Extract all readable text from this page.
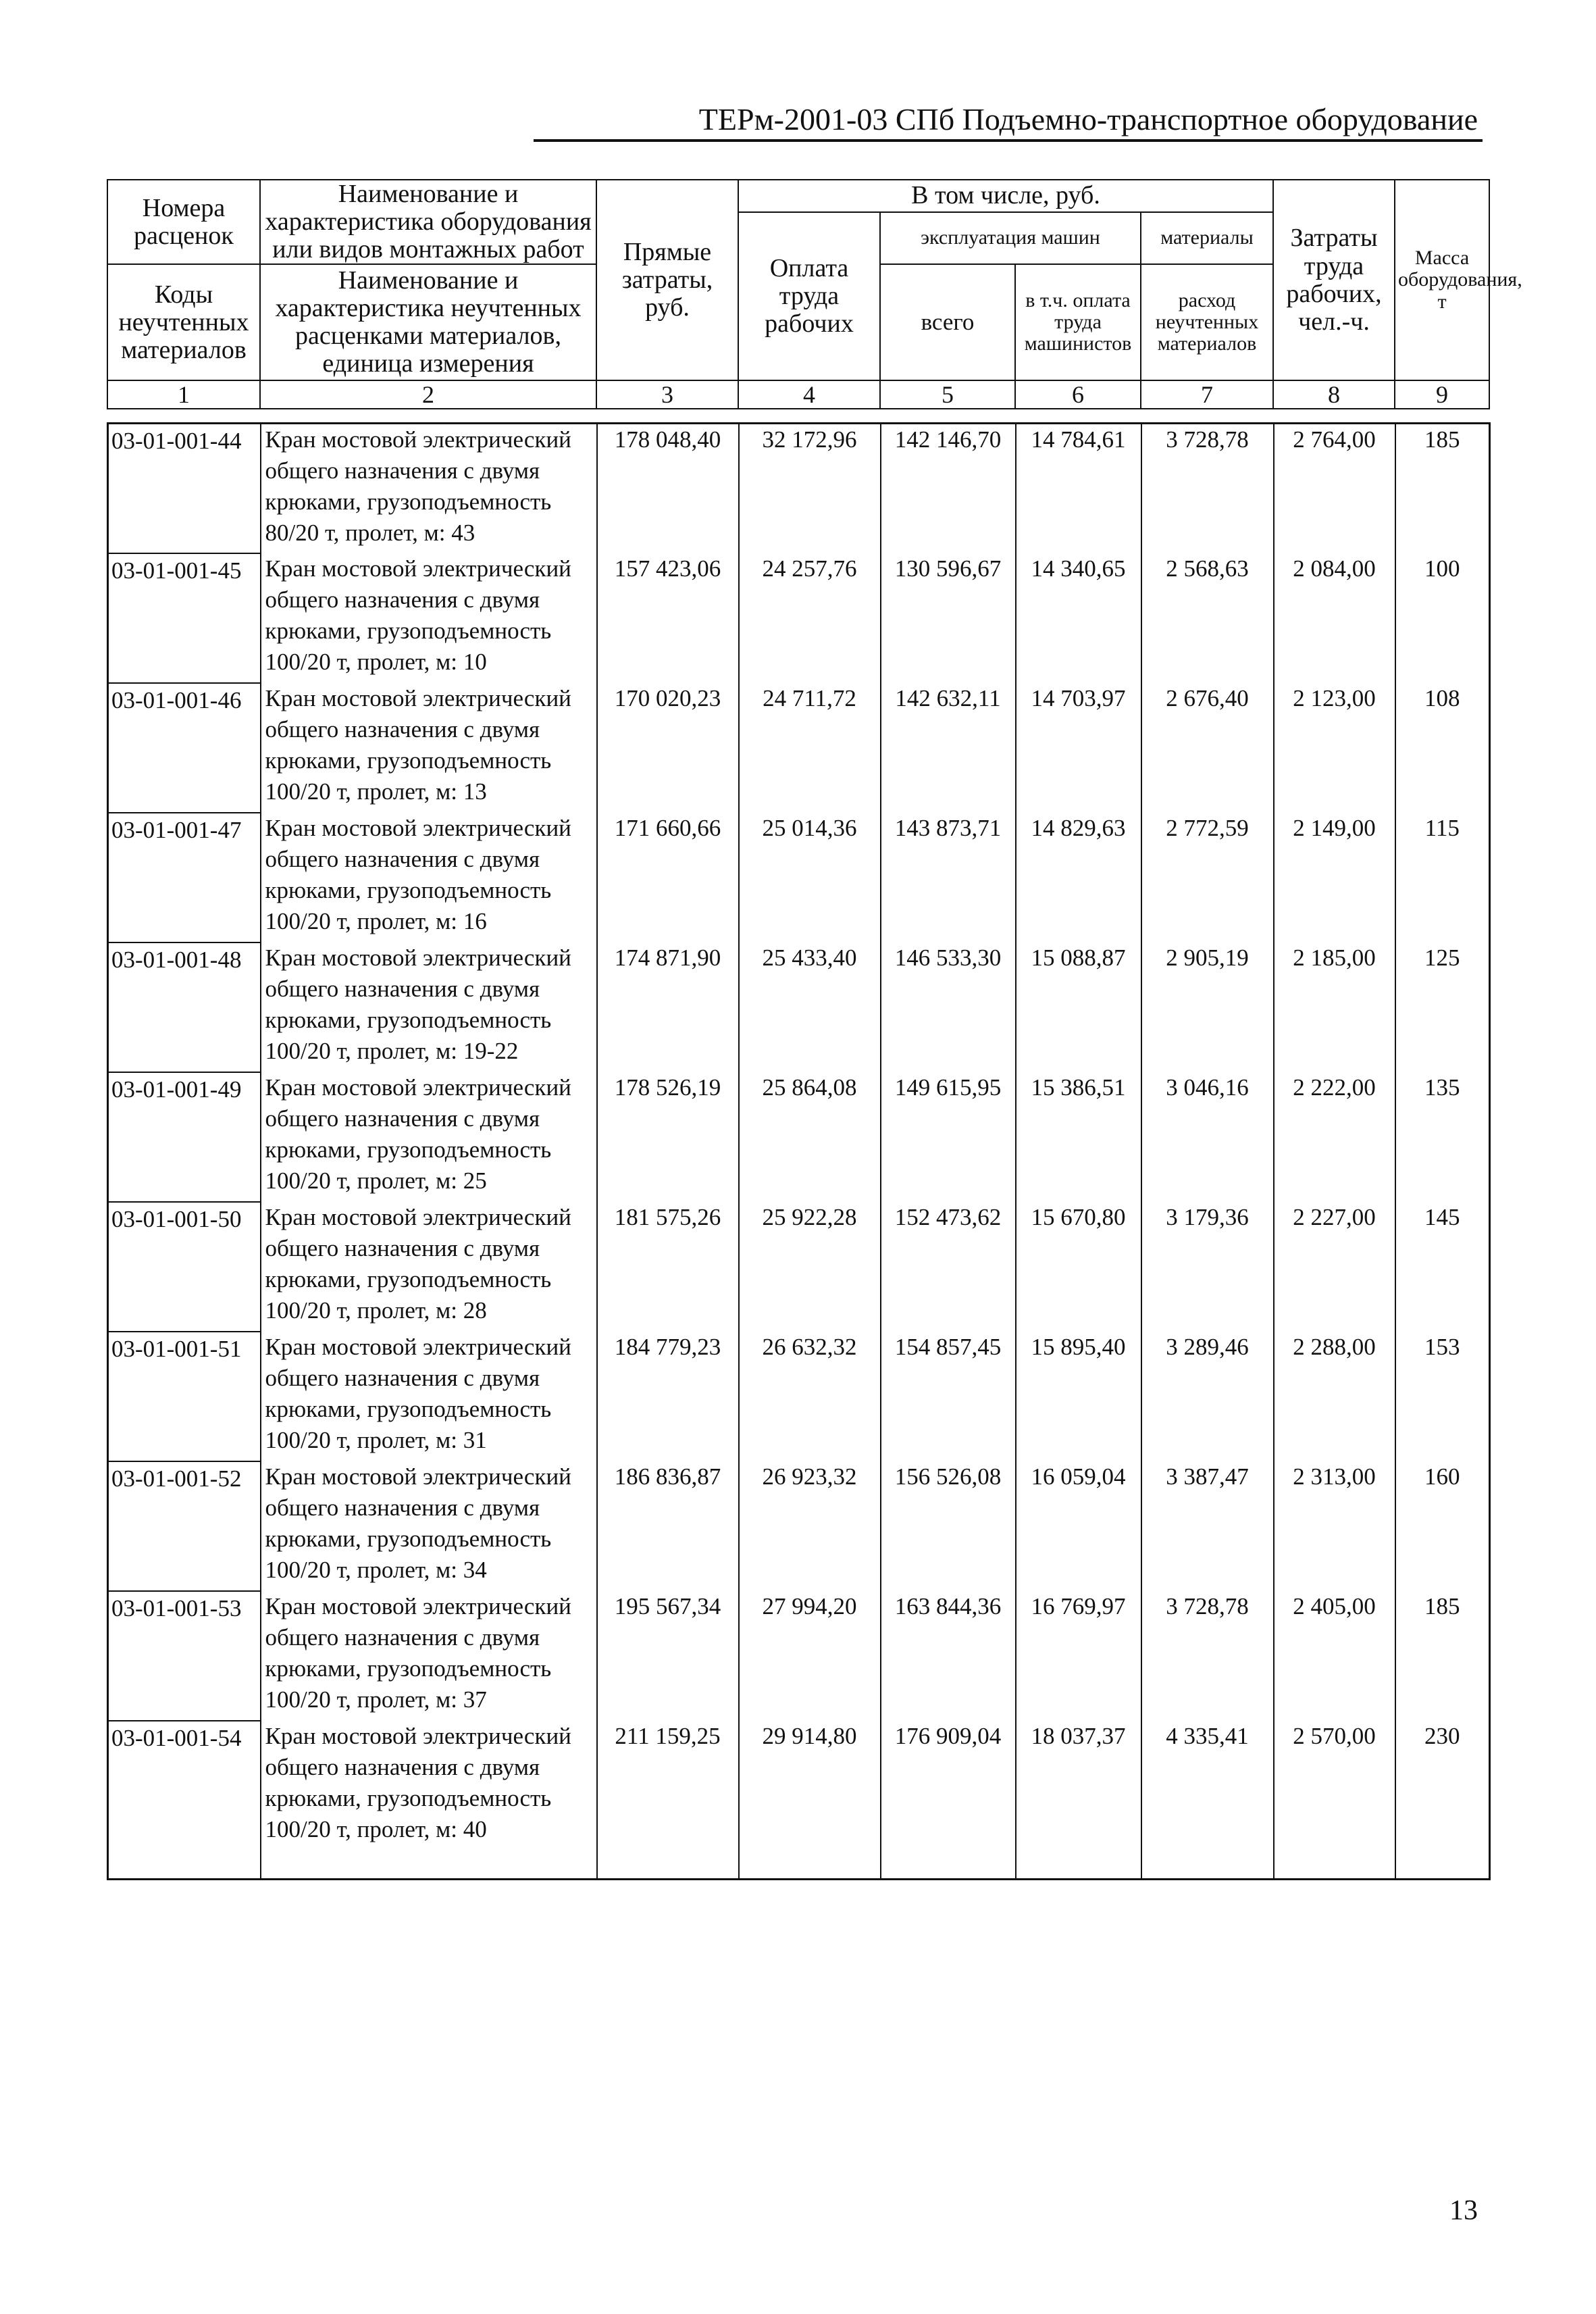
ТЕРм-2001-03 СПб Подъемно-транспортное оборудование
Номера расценок	Наименование и характеристика оборудования или видов монтажных работ	Прямые затраты, руб.	В том числе, руб.				Затраты труда рабочих, чел.-ч.	Масса оборудования, т
			Оплата труда рабочих	эксплуатация машин		материалы		
Коды неучтенных материалов	Наименование и характеристика неучтенных расценками материалов, единица измерения			всего	в т.ч. оплата труда машинистов	расход неучтенных материалов		

1	2	3	4	5	6	7	8	9
03-01-001-44	Кран мостовой электрический общего назначения с двумя крюками, грузоподъемность 80/20 т, пролет, м: 43	178 048,40	32 172,96	142 146,70	14 784,61	3 728,78	2 764,00	185
03-01-001-45	Кран мостовой электрический общего назначения с двумя крюками, грузоподъемность 100/20 т, пролет, м: 10	157 423,06	24 257,76	130 596,67	14 340,65	2 568,63	2 084,00	100
03-01-001-46	Кран мостовой электрический общего назначения с двумя крюками, грузоподъемность 100/20 т, пролет, м: 13	170 020,23	24 711,72	142 632,11	14 703,97	2 676,40	2 123,00	108
03-01-001-47	Кран мостовой электрический общего назначения с двумя крюками, грузоподъемность 100/20 т, пролет, м: 16	171 660,66	25 014,36	143 873,71	14 829,63	2 772,59	2 149,00	115
03-01-001-48	Кран мостовой электрический общего назначения с двумя крюками, грузоподъемность 100/20 т, пролет, м: 19-22	174 871,90	25 433,40	146 533,30	15 088,87	2 905,19	2 185,00	125
03-01-001-49	Кран мостовой электрический общего назначения с двумя крюками, грузоподъемность 100/20 т, пролет, м: 25	178 526,19	25 864,08	149 615,95	15 386,51	3 046,16	2 222,00	135
03-01-001-50	Кран мостовой электрический общего назначения с двумя крюками, грузоподъемность 100/20 т, пролет, м: 28	181 575,26	25 922,28	152 473,62	15 670,80	3 179,36	2 227,00	145
03-01-001-51	Кран мостовой электрический общего назначения с двумя крюками, грузоподъемность 100/20 т, пролет, м: 31	184 779,23	26 632,32	154 857,45	15 895,40	3 289,46	2 288,00	153
03-01-001-52	Кран мостовой электрический общего назначения с двумя крюками, грузоподъемность 100/20 т, пролет, м: 34	186 836,87	26 923,32	156 526,08	16 059,04	3 387,47	2 313,00	160
03-01-001-53	Кран мостовой электрический общего назначения с двумя крюками, грузоподъемность 100/20 т, пролет, м: 37	195 567,34	27 994,20	163 844,36	16 769,97	3 728,78	2 405,00	185
03-01-001-54	Кран мостовой электрический общего назначения с двумя крюками, грузоподъемность 100/20 т, пролет, м: 40	211 159,25	29 914,80	176 909,04	18 037,37	4 335,41	2 570,00	230
13
